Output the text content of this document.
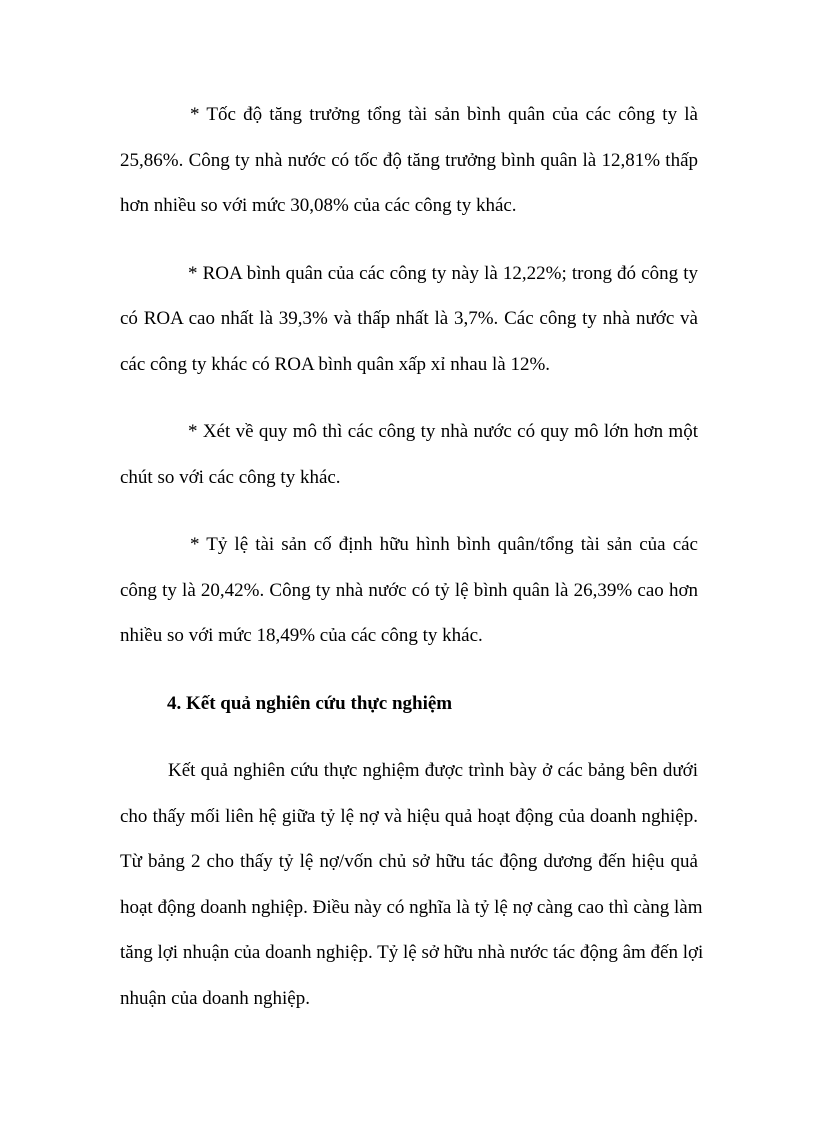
* Tốc độ tăng trưởng tổng tài sản bình quân của các công ty là
25,86%. Công ty nhà nước có tốc độ tăng trưởng bình quân là 12,81% thấp
hơn nhiều so với mức 30,08% của các công ty khác.
* ROA bình quân của các công ty này là 12,22%; trong đó công ty
có ROA cao nhất là 39,3% và thấp nhất là 3,7%. Các công ty nhà nước và
các công ty khác có ROA bình quân xấp xỉ nhau là 12%.
* Xét về quy mô thì các công ty nhà nước có quy mô lớn hơn một
chút so với các công ty khác.
* Tỷ lệ tài sản cố định hữu hình bình quân/tổng tài sản của các
công ty là 20,42%. Công ty nhà nước có tỷ lệ bình quân là 26,39% cao hơn
nhiều so với mức 18,49% của các công ty khác.
4. Kết quả nghiên cứu thực nghiệm
Kết quả nghiên cứu thực nghiệm được trình bày ở các bảng bên dưới
cho thấy mối liên hệ giữa tỷ lệ nợ và hiệu quả hoạt động của doanh nghiệp.
Từ bảng 2 cho thấy tỷ lệ nợ/vốn chủ sở hữu tác động dương đến hiệu quả
hoạt động doanh nghiệp. Điều này có nghĩa là tỷ lệ nợ càng cao thì càng làm
tăng lợi nhuận của doanh nghiệp. Tỷ lệ sở hữu nhà nước tác động âm đến lợi
nhuận của doanh nghiệp.
